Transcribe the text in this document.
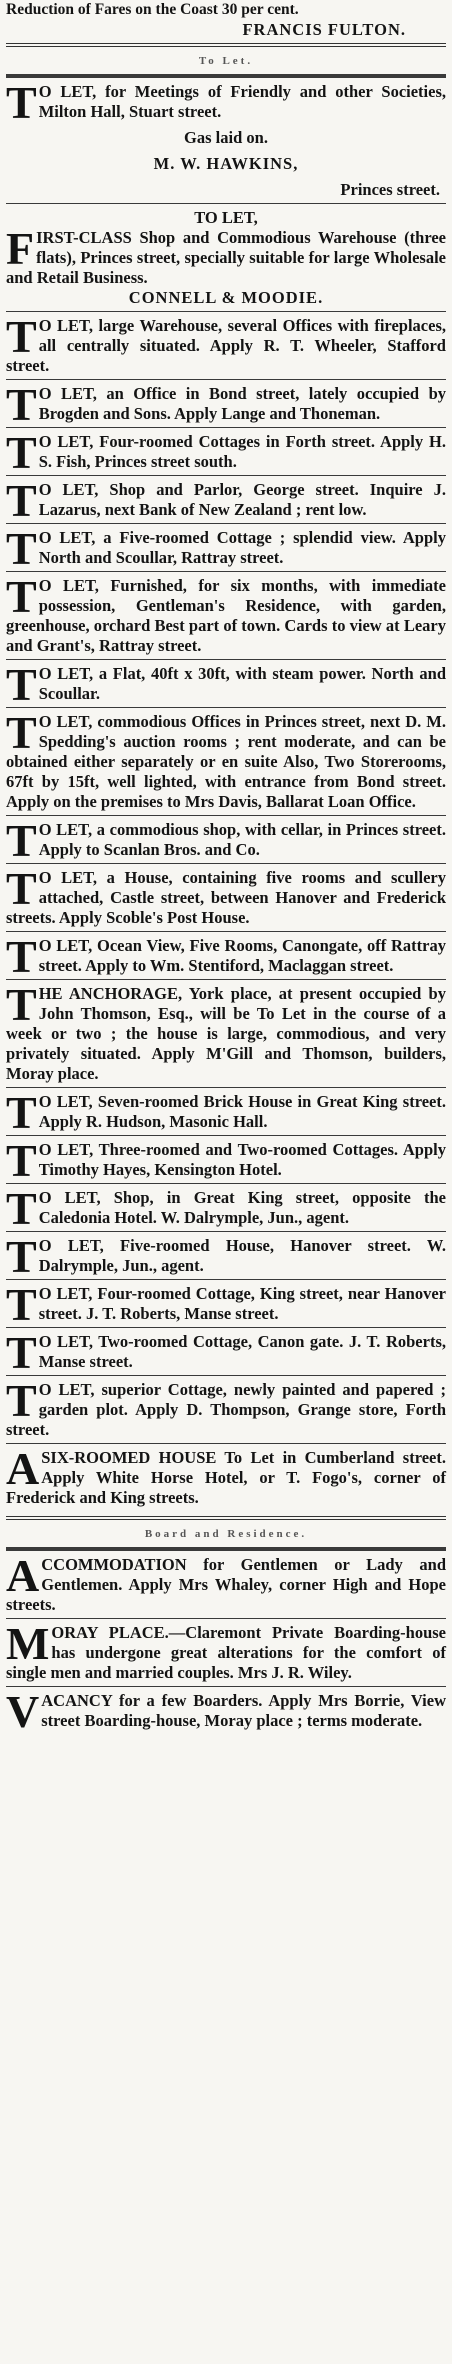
Reduction of Fares on the Coast 30 per cent.

FRANCIS FULTON.

To Let.

T O LET, for Meetings of Friendly and other Societies, Milton Hall, Stuart street.

Gas laid on.

M. W. HAWKINS,

Princes street.

TO LET,

F IRST-CLASS Shop and Commodious Warehouse (three flats), Princes street, specially suitable for large Wholesale and Retail Business.

CONNELL & MOODIE.

T O LET, large Warehouse, several Offices with fireplaces, all centrally situated. Apply R. T. Wheeler, Stafford street.

T O LET, an Office in Bond street, lately occupied by Brogden and Sons. Apply Lange and Thoneman.

T O LET, Four-roomed Cottages in Forth street. Apply H. S. Fish, Princes street south.

T O LET, Shop and Parlor, George street. Inquire J. Lazarus, next Bank of New Zealand ; rent low.

T O LET, a Five-roomed Cottage ; splendid view. Apply North and Scoullar, Rattray street.

T O LET, Furnished, for six months, with immediate possession, Gentleman's Residence, with garden, greenhouse, orchard Best part of town. Cards to view at Leary and Grant's, Rattray street.

T O LET, a Flat, 40ft x 30ft, with steam power. North and Scoullar.

T O LET, commodious Offices in Princes street, next D. M. Spedding's auction rooms ; rent moderate, and can be obtained either separately or en suite Also, Two Storerooms, 67ft by 15ft, well lighted, with entrance from Bond street. Apply on the premises to Mrs Davis, Ballarat Loan Office.

T O LET, a commodious shop, with cellar, in Princes street. Apply to Scanlan Bros. and Co.

T O LET, a House, containing five rooms and scullery attached, Castle street, between Hanover and Frederick streets. Apply Scoble's Post House.

T O LET, Ocean View, Five Rooms, Canongate, off Rattray street. Apply to Wm. Stentiford, Maclaggan street.

T HE ANCHORAGE, York place, at present occupied by John Thomson, Esq., will be To Let in the course of a week or two ; the house is large, commodious, and very privately situated. Apply M'Gill and Thomson, builders, Moray place.

T O LET, Seven-roomed Brick House in Great King street. Apply R. Hudson, Masonic Hall.

T O LET, Three-roomed and Two-roomed Cottages. Apply Timothy Hayes, Kensington Hotel.

T O LET, Shop, in Great King street, opposite the Caledonia Hotel. W. Dalrymple, Jun., agent.

T O LET, Five-roomed House, Hanover street. W. Dalrymple, Jun., agent.

T O LET, Four-roomed Cottage, King street, near Hanover street. J. T. Roberts, Manse street.

T O LET, Two-roomed Cottage, Canon gate. J. T. Roberts, Manse street.

T O LET, superior Cottage, newly painted and papered ; garden plot. Apply D. Thompson, Grange store, Forth street.

A SIX-ROOMED HOUSE To Let in Cumberland street. Apply White Horse Hotel, or T. Fogo's, corner of Frederick and King streets.

Board and Residence.

A CCOMMODATION for Gentlemen or Lady and Gentlemen. Apply Mrs Whaley, corner High and Hope streets.

M ORAY PLACE.—Claremont Private Boarding-house has undergone great alterations for the comfort of single men and married couples. Mrs J. R. Wiley.

V ACANCY for a few Boarders. Apply Mrs Borrie, View street Boarding-house, Moray place ; terms moderate.
